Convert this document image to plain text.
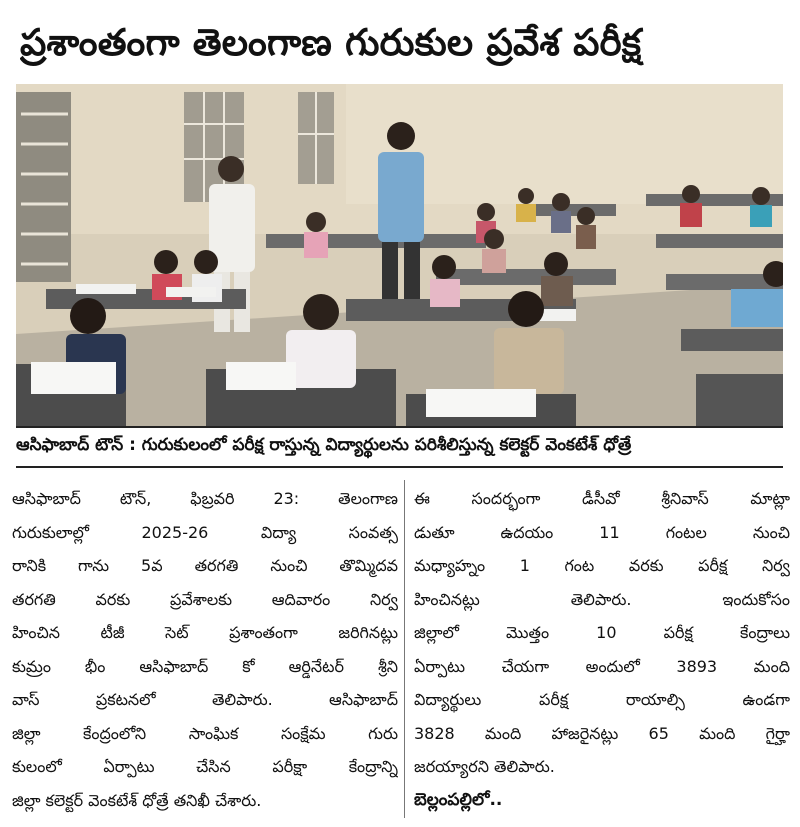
ప్రశాంతంగా తెలంగాణ గురుకుల ప్రవేశ పరీక్ష
ఆసిఫాబాద్ టౌన్ : గురుకులంలో పరీక్ష రాస్తున్న విద్యార్థులను పరిశీలిస్తున్న కలెక్టర్ వెంకటేశ్ ధోత్రే
ఆసిఫాబాద్ టౌన్, ఫిబ్రవరి 23: తెలంగాణ
గురుకులాల్లో 2025-26 విద్యా సంవత్స
రానికి గాను 5వ తరగతి నుంచి తొమ్మిదవ
తరగతి వరకు ప్రవేశాలకు ఆదివారం నిర్వ
హించిన టీజీ సెట్ ప్రశాంతంగా జరిగినట్లు
కుమ్రం భీం ఆసిఫాబాద్ కో ఆర్డినేటర్ శ్రీని
వాస్ ప్రకటనలో తెలిపారు. ఆసిఫాబాద్
జిల్లా కేంద్రంలోని సాంఘిక సంక్షేమ గురు
కులంలో ఏర్పాటు చేసిన పరీక్షా కేంద్రాన్ని
జిల్లా కలెక్టర్ వెంకటేశ్ ధోత్రే తనిఖీ చేశారు.
ఈ సందర్భంగా డీసీవో శ్రీనివాస్ మాట్లా
డుతూ ఉదయం 11 గంటల నుంచి
మధ్యాహ్నం 1 గంట వరకు పరీక్ష నిర్వ
హించినట్లు తెలిపారు. ఇందుకోసం
జిల్లాలో మొత్తం 10 పరీక్ష కేంద్రాలు
ఏర్పాటు చేయగా అందులో 3893 మంది
విద్యార్థులు పరీక్ష రాయాల్సి ఉండగా
3828 మంది హాజరైనట్లు 65 మంది గైర్హా
జరయ్యారని తెలిపారు.
బెల్లంపల్లిలో..
